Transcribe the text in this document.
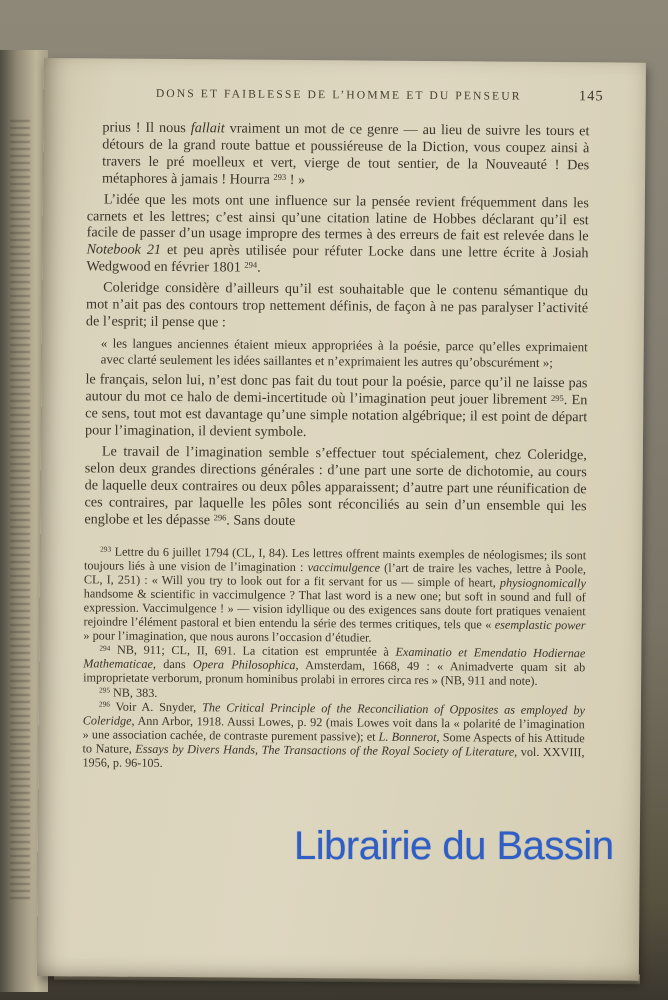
DONS ET FAIBLESSE DE L’HOMME ET DU PENSEUR	145

prius ! Il nous fallait vraiment un mot de ce genre — au lieu de suivre les tours et détours de la grand route battue et poussiéreuse de la Diction, vous coupez ainsi à travers le pré moelleux et vert, vierge de tout sentier, de la Nouveauté ! Des métaphores à jamais ! Hourra $^{293}$ ! »

L’idée que les mots ont une influence sur la pensée revient fréquemment dans les carnets et les lettres; c’est ainsi qu’une citation latine de Hobbes déclarant qu’il est facile de passer d’un usage impropre des termes à des erreurs de fait est relevée dans le Notebook 21 et peu après utilisée pour réfuter Locke dans une lettre écrite à Josiah Wedgwood en février 1801 $^{294}$.

Coleridge considère d’ailleurs qu’il est souhaitable que le contenu sémantique du mot n’ait pas des contours trop nettement définis, de façon à ne pas paralyser l’activité de l’esprit; il pense que :

« les langues anciennes étaient mieux appropriées à la poésie, parce qu’elles exprimaient avec clarté seulement les idées saillantes et n’exprimaient les autres qu’obscurément »;

le français, selon lui, n’est donc pas fait du tout pour la poésie, parce qu’il ne laisse pas autour du mot ce halo de demi-incertitude où l’imagination peut jouer librement $^{295}$. En ce sens, tout mot est davantage qu’une simple notation algébrique; il est point de départ pour l’imagination, il devient symbole.

Le travail de l’imagination semble s’effectuer tout spécialement, chez Coleridge, selon deux grandes directions générales : d’une part une sorte de dichotomie, au cours de laquelle deux contraires ou deux pôles apparaissent; d’autre part une réunification de ces contraires, par laquelle les pôles sont réconciliés au sein d’un ensemble qui les englobe et les dépasse $^{296}$. Sans doute

$^{293}$ Lettre du 6 juillet 1794 (CL, I, 84). Les lettres offrent maints exemples de néologismes; ils sont toujours liés à une vision de l’imagination : vaccimulgence (l’art de traire les vaches, lettre à Poole, CL, I, 251) : « Will you try to look out for a fit servant for us — simple of heart, physiognomically handsome & scientific in vaccimulgence ? That last word is a new one; but soft in sound and full of expression. Vaccimulgence ! » — vision idyllique ou des exigences sans doute fort pratiques venaient rejoindre l’élément pastoral et bien entendu la série des termes critiques, tels que « esemplastic power » pour l’imagination, que nous aurons l’occasion d’étudier.

$^{294}$ NB, 911; CL, II, 691. La citation est empruntée à Examinatio et Emendatio Hodiernae Mathematicae, dans Opera Philosophica, Amsterdam, 1668, 49 : « Animadverte quam sit ab improprietate verborum, pronum hominibus prolabi in errores circa res » (NB, 911 and note).

$^{295}$ NB, 383.

$^{296}$ Voir A. Snyder, The Critical Principle of the Reconciliation of Opposites as employed by Coleridge, Ann Arbor, 1918. Aussi Lowes, p. 92 (mais Lowes voit dans la « polarité de l’imagination » une association cachée, de contraste purement passive); et L. Bonnerot, Some Aspects of his Attitude to Nature, Essays by Divers Hands, The Transactions of the Royal Society of Literature, vol. XXVIII, 1956, p. 96-105.

Librairie du Bassin
